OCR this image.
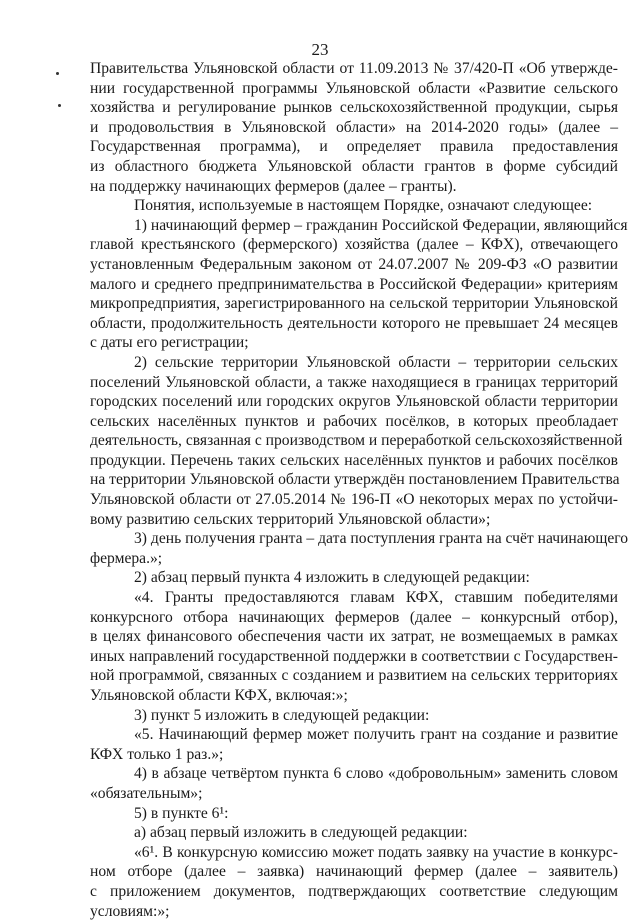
23
Правительства Ульяновской области от 11.09.2013 № 37/420-П «Об утвержде-
нии государственной программы Ульяновской области «Развитие сельского
хозяйства и регулирование рынков сельскохозяйственной продукции, сырья
и продовольствия в Ульяновской области» на 2014-2020 годы» (далее –
Государственная программа), и определяет правила предоставления
из областного бюджета Ульяновской области грантов в форме субсидий
на поддержку начинающих фермеров (далее – гранты).
Понятия, используемые в настоящем Порядке, означают следующее:
1) начинающий фермер – гражданин Российской Федерации, являющийся
главой крестьянского (фермерского) хозяйства (далее – КФХ), отвечающего
установленным Федеральным законом от 24.07.2007 № 209-ФЗ «О развитии
малого и среднего предпринимательства в Российской Федерации» критериям
микропредприятия, зарегистрированного на сельской территории Ульяновской
области, продолжительность деятельности которого не превышает 24 месяцев
с даты его регистрации;
2) сельские территории Ульяновской области – территории сельских
поселений Ульяновской области, а также находящиеся в границах территорий
городских поселений или городских округов Ульяновской области территории
сельских населённых пунктов и рабочих посёлков, в которых преобладает
деятельность, связанная с производством и переработкой сельскохозяйственной
продукции. Перечень таких сельских населённых пунктов и рабочих посёлков
на территории Ульяновской области утверждён постановлением Правительства
Ульяновской области от 27.05.2014 № 196-П «О некоторых мерах по устойчи-
вому развитию сельских территорий Ульяновской области»;
3) день получения гранта – дата поступления гранта на счёт начинающего
фермера.»;
2) абзац первый пункта 4 изложить в следующей редакции:
«4. Гранты предоставляются главам КФХ, ставшим победителями
конкурсного отбора начинающих фермеров (далее – конкурсный отбор),
в целях финансового обеспечения части их затрат, не возмещаемых в рамках
иных направлений государственной поддержки в соответствии с Государствен-
ной программой, связанных с созданием и развитием на сельских территориях
Ульяновской области КФХ, включая:»;
3) пункт 5 изложить в следующей редакции:
«5. Начинающий фермер может получить грант на создание и развитие
КФХ только 1 раз.»;
4) в абзаце четвёртом пункта 6 слово «добровольным» заменить словом
«обязательным»;
5) в пункте 6¹:
а) абзац первый изложить в следующей редакции:
«6¹. В конкурсную комиссию может подать заявку на участие в конкурс-
ном отборе (далее – заявка) начинающий фермер (далее – заявитель)
с приложением документов, подтверждающих соответствие следующим
условиям:»;
